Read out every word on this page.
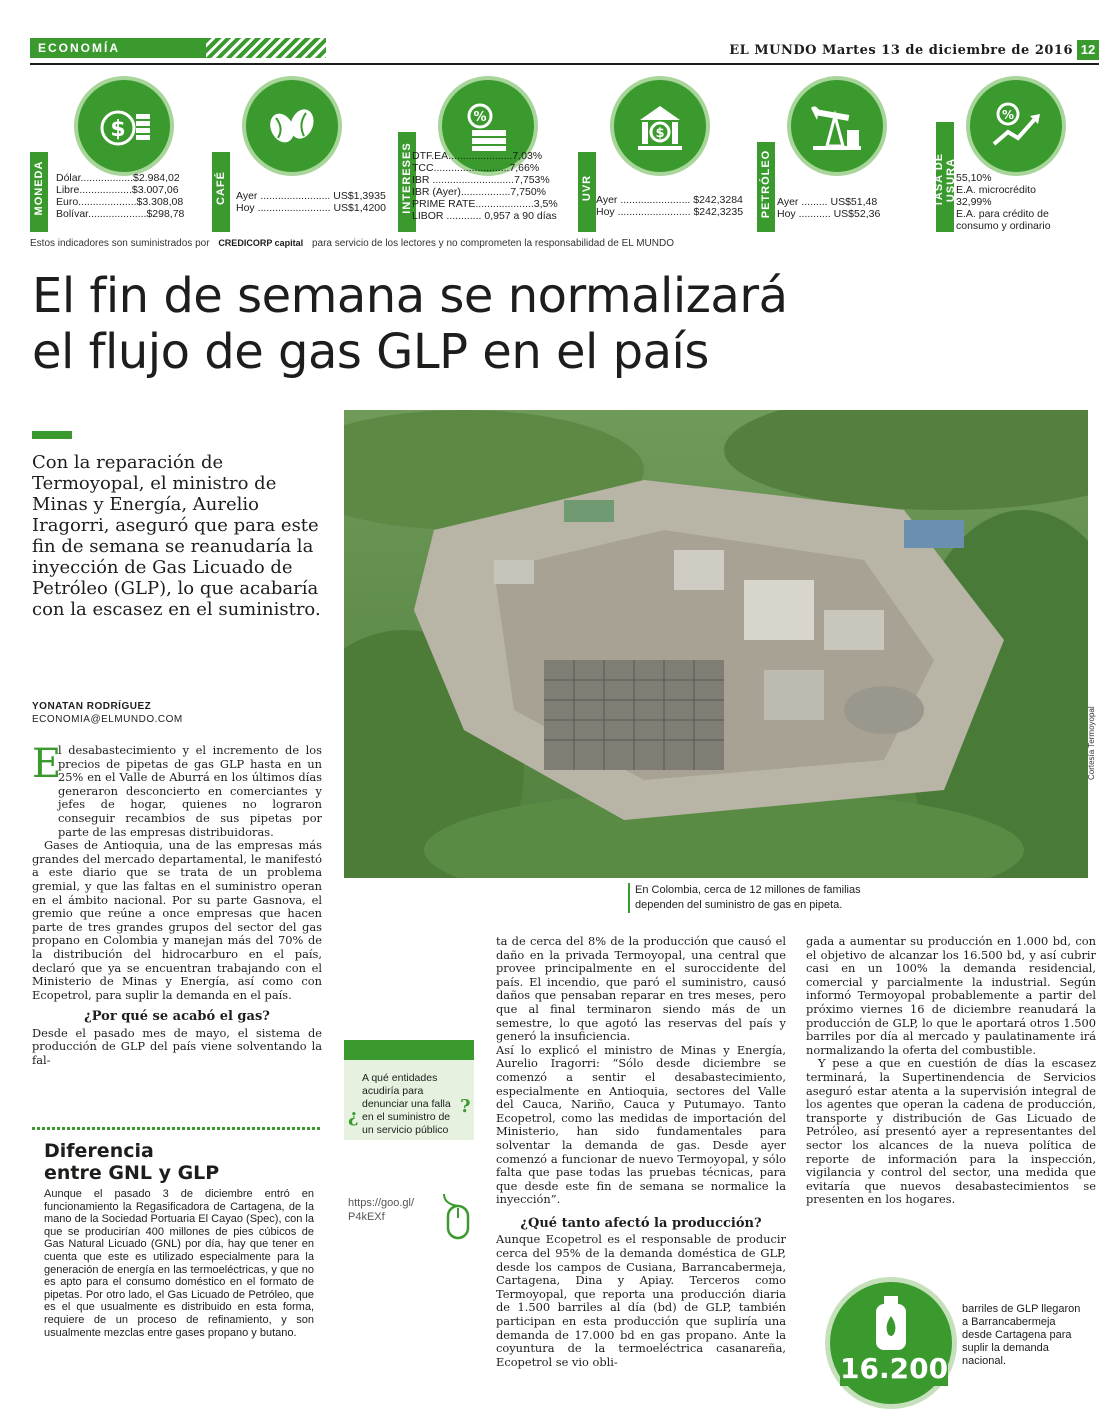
ECONOMÍA	EL MUNDO Martes 13 de diciembre de 2016 12
MONEDA
$
Dólar..................$2.984,02
Libre..................$3.007,06
Euro....................$3.308,08
Bolívar....................$298,78
CAFÉ Ayer ........................ US$1,3935
Hoy ......................... US$1,4200	INTERESES
%
DTF.EA......................7,03%
TCC..........................7,66%
IBR ............................7,753%
IBR (Ayer).................7,750%
PRIME RATE....................3,5%
LIBOR ............ 0,957 a 90 días
UVR
$
Ayer ........................ $242,3284
Hoy ......................... $242,3235	PETRÓLEO Ayer ......... US$51,48
Hoy ........... US$52,36
TASA DE USURA
%
55,10%
E.A. microcrédito
32,99%
E.A. para crédito de
consumo y ordinario
Estos indicadores son suministrados por CREDICORP capital para servicio de los lectores y no comprometen la responsabilidad de EL MUNDO
El fin de semana se normalizará
el flujo de gas GLP en el país
Cortesía Termoyopal
En Colombia, cerca de 12 millones de familias dependen del suministro de gas en pipeta.
Con la reparación de Termoyopal, el ministro de Minas y Energía, Aurelio Iragorri, aseguró que para este fin de semana se reanudaría la inyección de Gas Licuado de Petróleo (GLP), lo que acabaría con la escasez en el suministro.
YONATAN RODRÍGUEZ
ECONOMIA@ELMUNDO.COM
E

l desabastecimiento y el incremento de los precios de pipetas de gas GLP hasta en un 25% en el Valle de Aburrá en los últimos días generaron desconcierto en comerciantes y jefes de hogar, quienes no lograron conseguir recambios de sus pipetas por parte de las empresas distribuidoras.

Gases de Antioquia, una de las empresas más grandes del mercado departamental, le manifestó a este diario que se trata de un problema gremial, y que las faltas en el suministro operan en el ámbito nacional. Por su parte Gasnova, el gremio que reúne a once empresas que hacen parte de tres grandes grupos del sector del gas propano en Colombia y manejan más del 70% de la distribución del hidrocarburo en el país, declaró que ya se encuentran trabajando con el Ministerio de Minas y Energía, así como con Ecopetrol, para suplir la demanda en el país.

¿Por qué se acabó el gas?

Desde el pasado mes de mayo, el sistema de producción de GLP del país viene solventando la fal-

Diferencia
entre GNL y GLP
Aunque el pasado 3 de diciembre entró en funcionamiento la Regasificadora de Cartagena, de la mano de la Sociedad Portuaria El Cayao (Spec), con la que se producirían 400 millones de pies cúbicos de Gas Natural Licuado (GNL) por día, hay que tener en cuenta que este es utilizado especialmente para la generación de energía en las termoeléctricas, y que no es apto para el consumo doméstico en el formato de pipetas. Por otro lado, el Gas Licuado de Petróleo, que es el que usualmente es distribuido en esta forma, requiere de un proceso de refinamiento, y son usualmente mezclas entre gases propano y butano.
¿	?
A qué entidades acudiría para denunciar una falla en el suministro de un servicio público
https://goo.gl/
P4kEXf

ta de cerca del 8% de la producción que causó el daño en la privada Termoyopal, una central que provee principalmente en el suroccidente del país. El incendio, que paró el suministro, causó daños que pensaban reparar en tres meses, pero que al final terminaron siendo más de un semestre, lo que agotó las reservas del país y generó la insuficiencia.

Así lo explicó el ministro de Minas y Energía, Aurelio Iragorri: “Sólo desde diciembre se comenzó a sentir el desabastecimiento, especialmente en Antioquia, sectores del Valle del Cauca, Nariño, Cauca y Putumayo. Tanto Ecopetrol, como las medidas de importación del Ministerio, han sido fundamentales para solventar la demanda de gas. Desde ayer comenzó a funcionar de nuevo Termoyopal, y sólo falta que pase todas las pruebas técnicas, para que desde este fin de semana se normalice la inyección”.

¿Qué tanto afectó la producción?

Aunque Ecopetrol es el responsable de producir cerca del 95% de la demanda doméstica de GLP, desde los campos de Cusiana, Barrancabermeja, Cartagena, Dina y Apiay. Terceros como Termoyopal, que reporta una producción diaria de 1.500 barriles al día (bd) de GLP, también participan en esta producción que supliría una demanda de 17.000 bd en gas propano. Ante la coyuntura de la termoeléctrica casanareña, Ecopetrol se vio obli-

gada a aumentar su producción en 1.000 bd, con el objetivo de alcanzar los 16.500 bd, y así cubrir casi en un 100% la demanda residencial, comercial y parcialmente la industrial. Según informó Termoyopal probablemente a partir del próximo viernes 16 de diciembre reanudará la producción de GLP, lo que le aportará otros 1.500 barriles por día al mercado y paulatinamente irá normalizando la oferta del combustible.

Y pese a que en cuestión de días la escasez terminará, la Supertinendencia de Servicios aseguró estar atenta a la supervisión integral de los agentes que operan la cadena de producción, transporte y distribución de Gas Licuado de Petróleo, así presentó ayer a representantes del sector los alcances de la nueva política de reporte de información para la inspección, vigilancia y control del sector, una medida que evitaría que nuevos desabastecimientos se presenten en los hogares.

16.200
barriles de GLP llegaron a Barrancabermeja desde Cartagena para suplir la demanda nacional.
